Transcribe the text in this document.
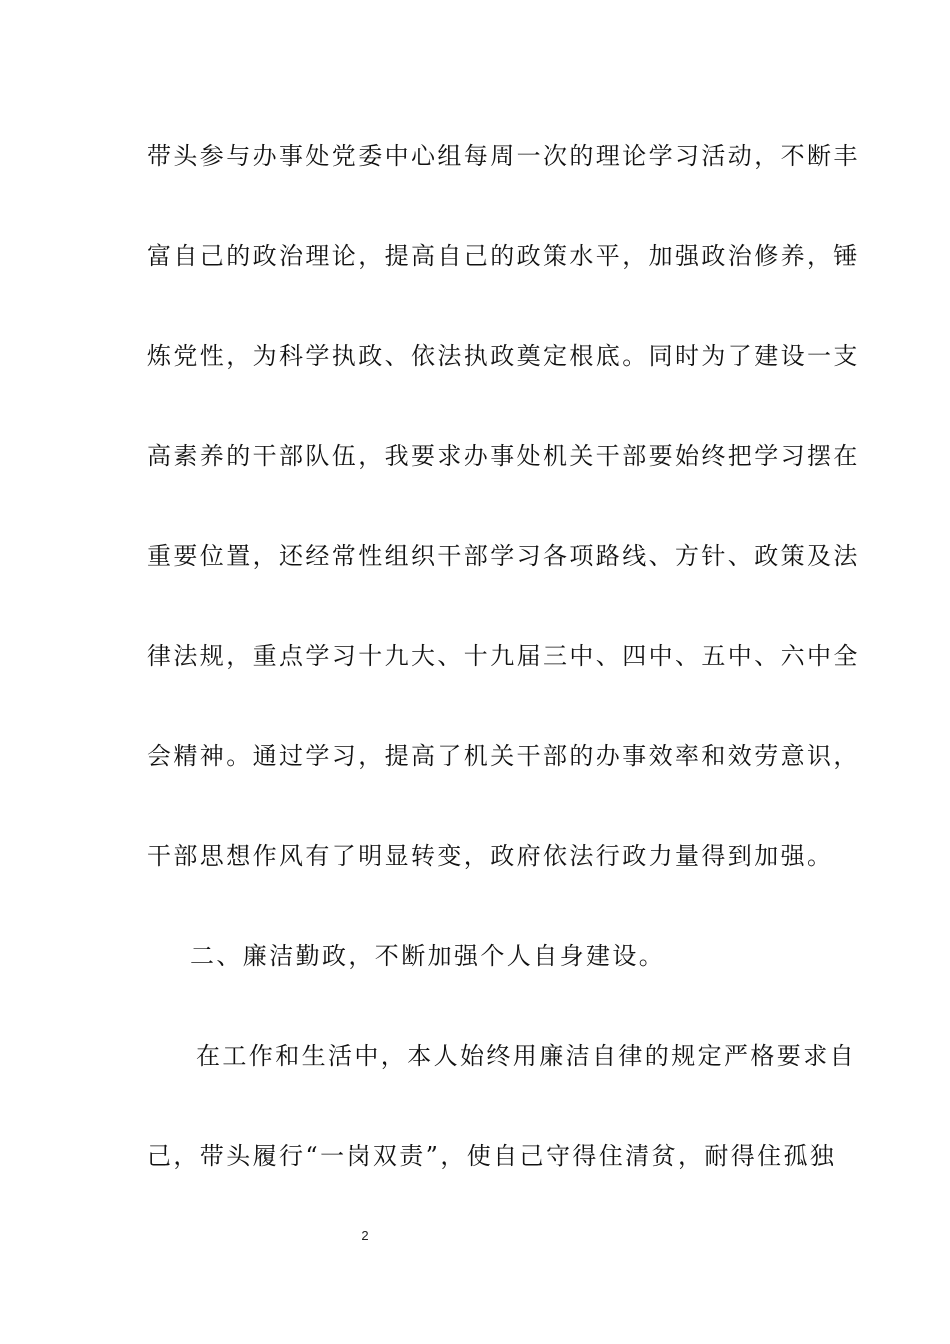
带头参与办事处党委中心组每周一次的理论学习活动，不断丰
富自己的政治理论，提高自己的政策水平，加强政治修养，锤
炼党性，为科学执政、依法执政奠定根底。同时为了建设一支
高素养的干部队伍，我要求办事处机关干部要始终把学习摆在
重要位置，还经常性组织干部学习各项路线、方针、政策及法
律法规，重点学习十九大、十九届三中、四中、五中、六中全
会精神。通过学习，提高了机关干部的办事效率和效劳意识，
干部思想作风有了明显转变，政府依法行政力量得到加强。
二、廉洁勤政，不断加强个人自身建设。
在工作和生活中，本人始终用廉洁自律的规定严格要求自
己，带头履行“一岗双责”，使自己守得住清贫，耐得住孤独
2
